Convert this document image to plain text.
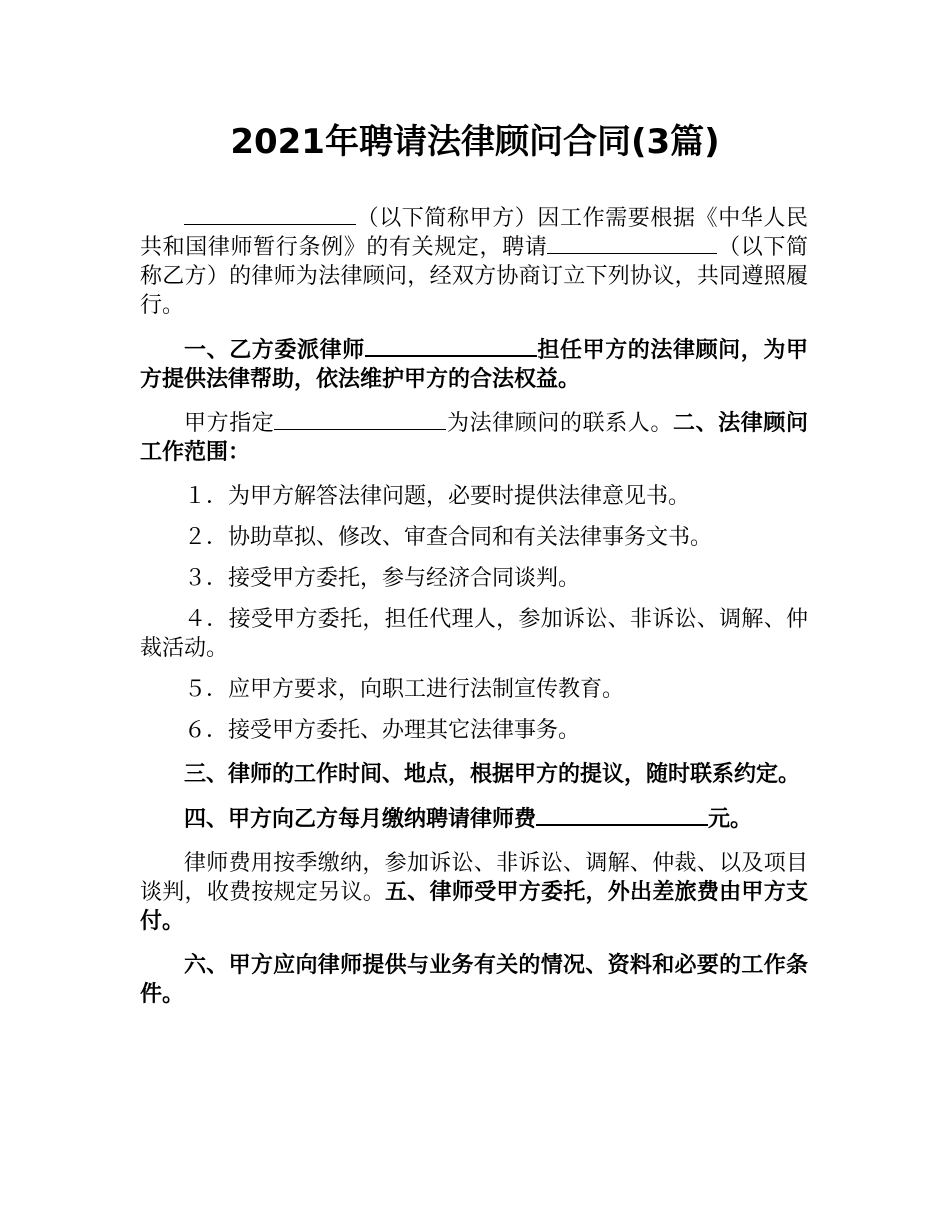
2021年聘请法律顾问合同(3篇)

（以下简称甲方）因工作需要根据《中华人民共和国律师暂行条例》的有关规定，聘请	（以下简称乙方）的律师为法律顾问，经双方协商订立下列协议，共同遵照履行。

一、乙方委派律师	担任甲方的法律顾问，为甲方提供法律帮助，依法维护甲方的合法权益。

甲方指定	为法律顾问的联系人。二、法律顾问工作范围：

１．为甲方解答法律问题，必要时提供法律意见书。

２．协助草拟、修改、审查合同和有关法律事务文书。

３．接受甲方委托，参与经济合同谈判。

４．接受甲方委托，担任代理人，参加诉讼、非诉讼、调解、仲裁活动。

５．应甲方要求，向职工进行法制宣传教育。

６．接受甲方委托、办理其它法律事务。

三、律师的工作时间、地点，根据甲方的提议，随时联系约定。

四、甲方向乙方每月缴纳聘请律师费	元。

律师费用按季缴纳，参加诉讼、非诉讼、调解、仲裁、以及项目谈判，收费按规定另议。五、律师受甲方委托，外出差旅费由甲方支付。

六、甲方应向律师提供与业务有关的情况、资料和必要的工作条件。
